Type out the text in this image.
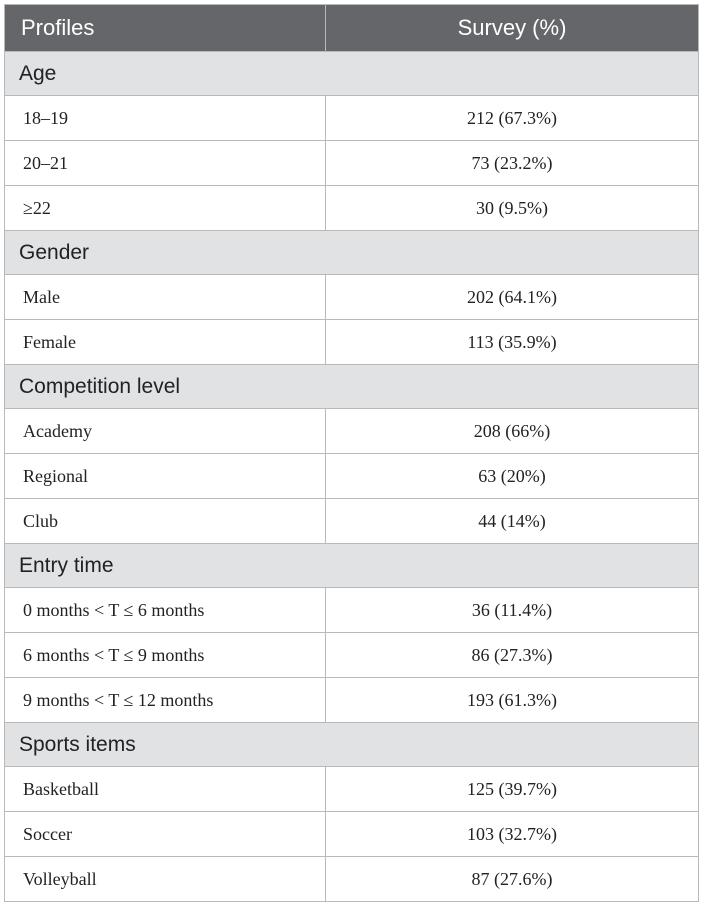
Profiles	Survey (%)
Age	
18–19	212 (67.3%)
20–21	73 (23.2%)
≥22	30 (9.5%)
Gender	
Male	202 (64.1%)
Female	113 (35.9%)
Competition level	
Academy	208 (66%)
Regional	63 (20%)
Club	44 (14%)
Entry time	
0 months < T ≤ 6 months	36 (11.4%)
6 months < T ≤ 9 months	86 (27.3%)
9 months < T ≤ 12 months	193 (61.3%)
Sports items	
Basketball	125 (39.7%)
Soccer	103 (32.7%)
Volleyball	87 (27.6%)
